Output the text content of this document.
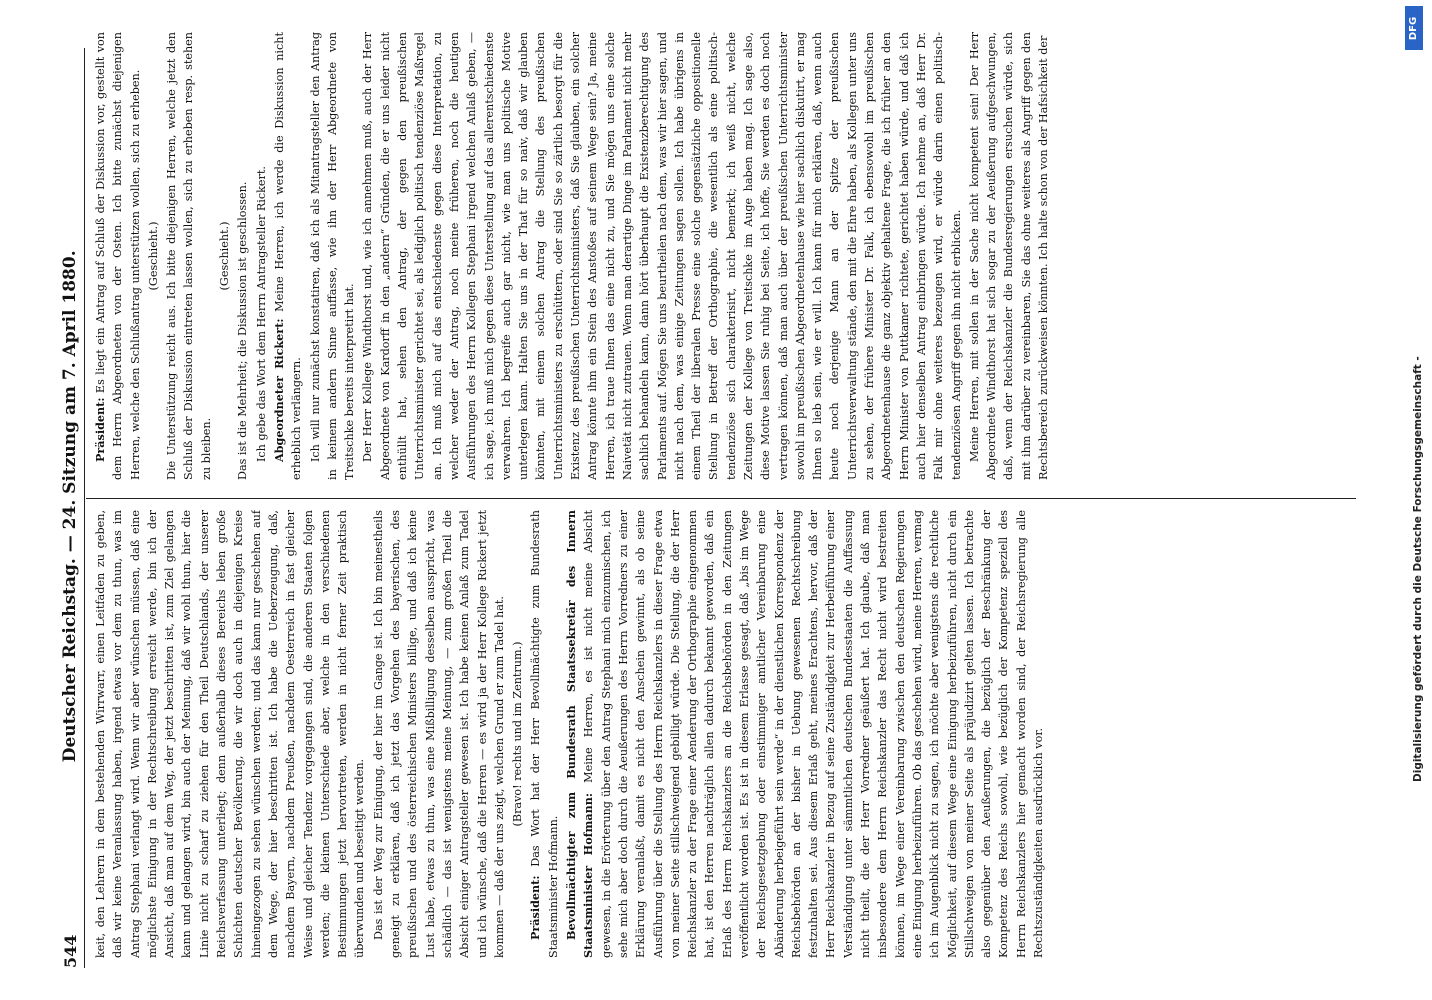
544
Deutscher Reichstag. — 24. Sitzung am 7. April 1880.	keit, den Lehrern in dem bestehenden Wirrwarr, einen Leitfaden zu geben, daß wir keine Veranlassung haben, irgend etwas vor dem zu thun, was im Antrag Stephani verlangt wird. Wenn wir aber wünschen müssen, daß eine möglichste Einigung in der Rechtschreibung erreicht werde, bin ich der Ansicht, daß man auf dem Weg, der jetzt beschritten ist, zum Ziel gelangen kann und gelangen wird, bin auch der Meinung, daß wir wohl thun, hier die Linie nicht zu scharf zu ziehen für den Theil Deutschlands, der unserer Reichsverfassung unterliegt; denn außerhalb dieses Bereichs leben große Schichten deutscher Bevölkerung, die wir doch auch in diejenigen Kreise hineingezogen zu sehen wünschen werden; und das kann nur geschehen auf dem Wege, der hier beschritten ist. Ich habe die Ueberzeugung, daß, nachdem Bayern, nachdem Preußen, nachdem Oesterreich in fast gleicher Weise und gleicher Tendenz vorgegangen sind, die anderen Staaten folgen werden; die kleinen Unterschiede aber, welche in den verschiedenen Bestimmungen jetzt hervortreten, werden in nicht ferner Zeit praktisch überwunden und beseitigt werden. Das ist der Weg zur Einigung, der hier im Gange ist. Ich bin meinestheils geneigt zu erklären, daß ich jetzt das Vorgehen des bayerischen, des preußischen und des österreichischen Ministers billige, und daß ich keine Lust habe, etwas zu thun, was eine Mißbilligung desselben ausspricht, was schädlich — das ist wenigstens meine Meinung, — zum großen Theil die Absicht einiger Antragsteller gewesen ist. Ich habe keinen Anlaß zum Tadel und ich wünsche, daß die Herren — es wird ja der Herr Kollege Rickert jetzt kommen — daß der uns zeigt, welchen Grund er zum Tadel hat. (Bravo! rechts und im Zentrum.)

Präsident: Das Wort hat der Herr Bevollmächtigte zum Bundesrath Staatsminister Hofmann. Bevollmächtigter zum Bundesrath Staatssekretär des Innern Staatsminister Hofmann: Meine Herren, es ist nicht meine Absicht gewesen, in die Erörterung über den Antrag Stephani mich einzumischen, ich sehe mich aber doch durch die Aeußerungen des Herrn Vorredners zu einer Erklärung veranlaßt, damit es nicht den Anschein gewinnt, als ob seine Ausführung über die Stellung des Herrn Reichskanzlers in dieser Frage etwa von meiner Seite stillschweigend gebilligt würde. Die Stellung, die der Herr Reichskanzler zu der Frage einer Aenderung der Orthographie eingenommen hat, ist den Herren nachträglich allen dadurch bekannt geworden, daß ein Erlaß des Herrn Reichskanzlers an die Reichsbehörden in den Zeitungen veröffentlicht worden ist. Es ist in diesem Erlasse gesagt, daß „bis im Wege der Reichsgesetzgebung oder einstimmiger amtlicher Vereinbarung eine Abänderung herbeigeführt sein werde“ in der dienstlichen Korrespondenz der Reichsbehörden an der bisher in Uebung gewesenen Rechtschreibung festzuhalten sei. Aus diesem Erlaß geht, meines Erachtens, hervor, daß der Herr Reichskanzler in Bezug auf seine Zuständigkeit zur Herbeiführung einer Verständigung unter sämmtlichen deutschen Bundesstaaten die Auffassung nicht theilt, die der Herr Vorredner geäußert hat. Ich glaube, daß man insbesondere dem Herrn Reichskanzler das Recht nicht wird bestreiten können, im Wege einer Vereinbarung zwischen den deutschen Regierungen eine Einigung herbeizuführen. Ob das geschehen wird, meine Herren, vermag ich im Augenblick nicht zu sagen, ich möchte aber wenigstens die rechtliche Möglichkeit, auf diesem Wege eine Einigung herbeizuführen, nicht durch ein Stillschweigen von meiner Seite als präjudizirt gelten lassen. Ich betrachte also gegenüber den Aeußerungen, die bezüglich der Beschränkung der Kompetenz des Reichs sowohl, wie bezüglich der Kompetenz speziell des Herrn Reichskanzlers hier gemacht worden sind, der Reichsregierung alle Rechtszuständigkeiten ausdrücklich vor.

Präsident: Es liegt ein Antrag auf Schluß der Diskussion vor, gestellt von dem Herrn Abgeordneten von der Osten. Ich bitte zunächst diejenigen Herren, welche den Schlußantrag unterstützen wollen, sich zu erheben. (Geschieht.) Die Unterstützung reicht aus. Ich bitte diejenigen Herren, welche jetzt den Schluß der Diskussion eintreten lassen wollen, sich zu erheben resp. stehen zu bleiben.

(Geschieht.) Das ist die Mehrheit; die Diskussion ist geschlossen. Ich gebe das Wort dem Herrn Antragsteller Rickert. Abgeordneter Rickert: Meine Herren, ich werde die Diskussion nicht erheblich verlängern. Ich will nur zunächst konstatiren, daß ich als Mitantragsteller den Antrag in keinem andern Sinne auffasse, wie ihn der Herr Abgeordnete von Treitschke bereits interpretirt hat. Der Herr Kollege Windthorst und, wie ich annehmen muß, auch der Herr Abgeordnete von Kardorff in den „andern“ Gründen, die er uns leider nicht enthüllt hat, sehen den Antrag, der gegen den preußischen Unterrichtsminister gerichtet sei, als lediglich politisch tendenziöse Maßregel an. Ich muß mich auf das entschiedenste gegen diese Interpretation, zu welcher weder der Antrag, noch meine früheren, noch die heutigen Ausführungen des Herrn Kollegen Stephani irgend welchen Anlaß geben, — ich sage, ich muß mich gegen diese Unterstellung auf das allerentschiedenste verwahren. Ich begreife auch gar nicht, wie man uns politische Motive unterlegen kann. Halten Sie uns in der That für so naiv, daß wir glauben könnten, mit einem solchen Antrag die Stellung des preußischen Unterrichtsministers zu erschüttern, oder sind Sie so zärtlich besorgt für die Existenz des preußischen Unterrichtsministers, daß Sie glauben, ein solcher Antrag könnte ihm ein Stein des Anstoßes auf seinem Wege sein? Ja, meine Herren, ich traue Ihnen das eine nicht zu, und Sie mögen uns eine solche Naivetät nicht zutrauen. Wenn man derartige Dinge im Parlament nicht mehr sachlich behandeln kann, dann hört überhaupt die Existenzberechtigung des Parlaments auf. Mögen Sie uns beurtheilen nach dem, was wir hier sagen, und nicht nach dem, was einige Zeitungen sagen sollen. Ich habe übrigens in einem Theil der liberalen Presse eine solche gegensätzliche oppositionelle Stellung in Betreff der Orthographie, die wesentlich als eine politisch-tendenziöse sich charakterisirt, nicht bemerkt; ich weiß nicht, welche Zeitungen der Kollege von Treitschke im Auge haben mag. Ich sage also, diese Motive lassen Sie ruhig bei Seite, ich hoffe, Sie werden es doch noch vertragen können, daß man auch über der preußischen Unterrichtsminister sowohl im preußischen Abgeordnetenhause wie hier sachlich diskutirt, er mag Ihnen so lieb sein, wie er will. Ich kann für mich erklären, daß, wenn auch heute noch derjenige Mann an der Spitze der preußischen Unterrichtsverwaltung stände, den mit die Ehre haben, als Kollegen unter uns zu sehen, der frühere Minister Dr. Falk, ich ebensowohl im preußischen Abgeordnetenhause die ganz objektiv gehaltene Frage, die ich früher an den Herrn Minister von Puttkamer richtete, gerichtet haben würde, und daß ich auch hier denselben Antrag einbringen würde. Ich nehme an, daß Herr Dr. Falk mir ohne weiteres bezeugen wird, er würde darin einen politisch-tendenziösen Angriff gegen ihn nicht erblicken. Meine Herren, mit sollen in der Sache nicht kompetent sein! Der Herr Abgeordnete Windthorst hat sich sogar zu der Aeußerung aufgeschwungen, daß, wenn der Reichskanzler die Bundesregierungen ersuchen würde, sich mit ihm darüber zu vereinbaren, Sie das ohne weiteres als Angriff gegen den Rechtsbereich zurückweisen könnten. Ich halte schon von der Hafsichkeit der

DFG
Digitalisierung gefördert durch die Deutsche Forschungsgemeinschaft -
